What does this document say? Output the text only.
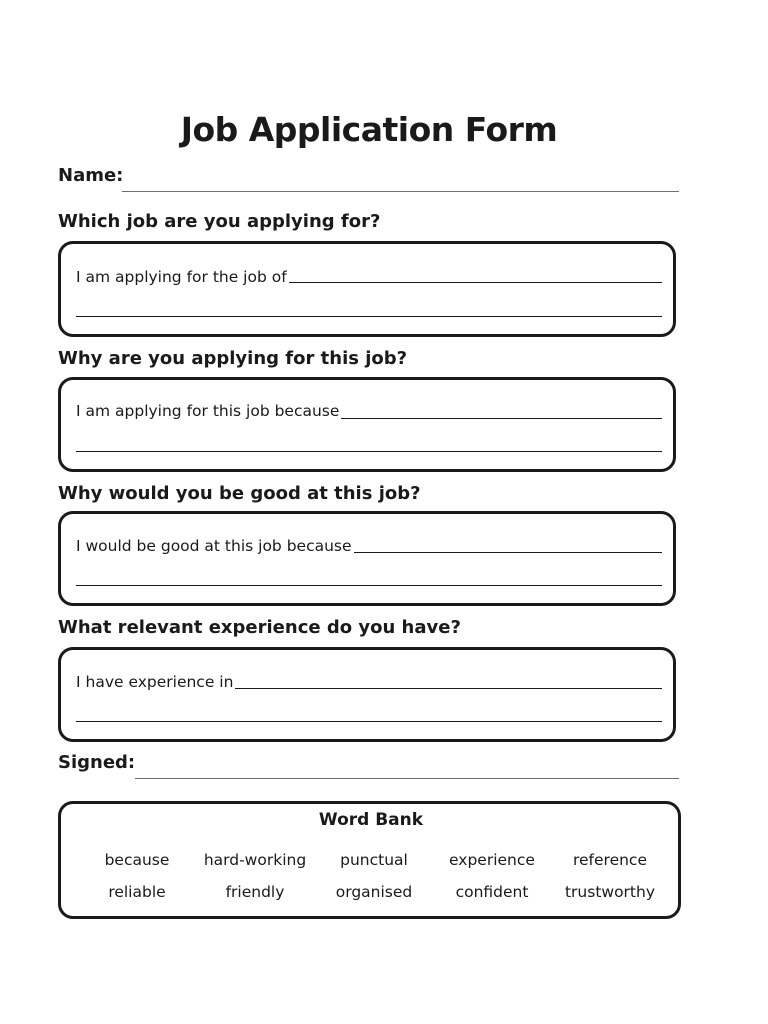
Job Application Form
Name:
Which job are you applying for?
I am applying for the job of
Why are you applying for this job?
I am applying for this job because
Why would you be good at this job?
I would be good at this job because
What relevant experience do you have?
I have experience in
Signed:
Word Bank
because	hard-working	punctual	experience	reference
reliable	friendly	organised	confident	trustworthy
